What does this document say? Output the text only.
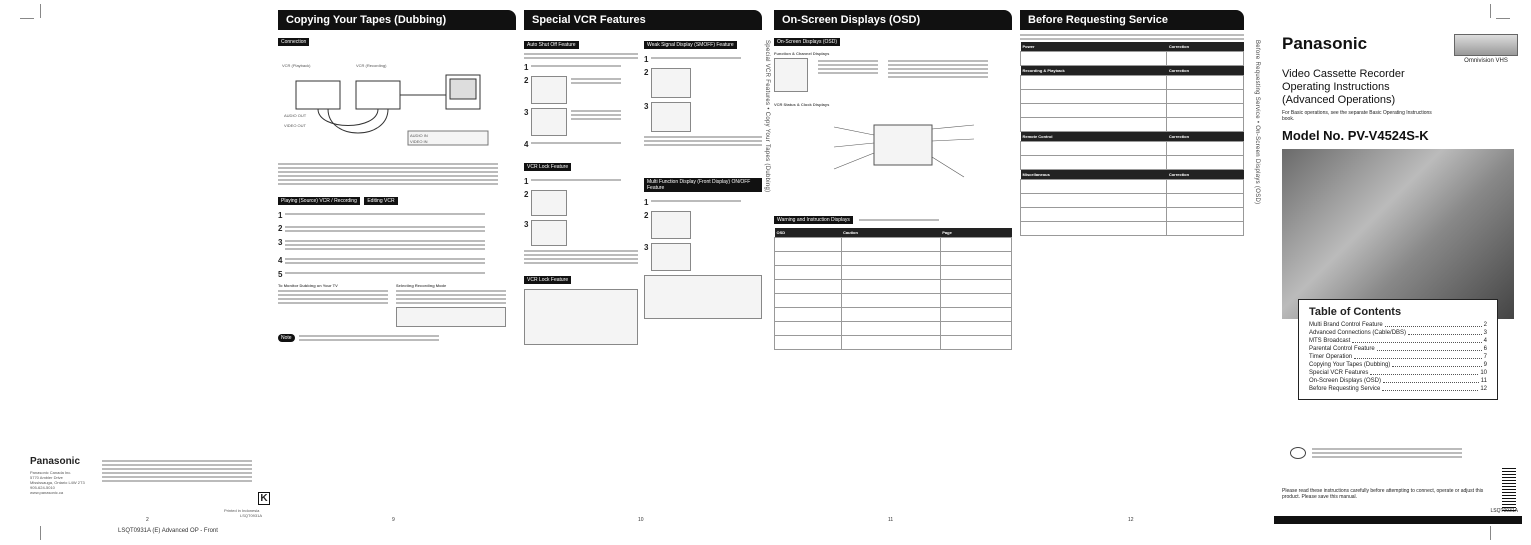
Panasonic
Panasonic Canada Inc.
5770 Ambler Drive
Mississauga, Ontario L4W 2T3
905-624-5010
www.panasonic.ca
K
Printed in Indonesia
LSQT0931A
2
LSQT0931A (E) Advanced OP - Front
Copying Your Tapes (Dubbing)
Connection
VCR (Playback)	VCR (Recording)
AUDIO OUT
VIDEO OUT
AUDIO IN
VIDEO IN
Playing (Source) VCR / Recording Editing VCR
1
2
3
4
5
To Monitor Dubbing on Your TV	Selecting Recording Mode
Note
9
Special VCR Features
Auto Shut Off Feature
1
2
3
4
VCR Lock Feature
1
2
3
VCR Lock Feature
Weak Signal Display (SMOFF) Feature
1
2
3
Multi Function Display (Front Display) ON/OFF Feature
1
2
3
10
Special VCR Features • Copy Your Tapes (Dubbing)
On-Screen Displays (OSD)
On-Screen Displays (OSD)
Function & Channel Displays
VCR Status & Clock Displays
Warning and Instruction Displays
OSD	Caution	Page

11
Before Requesting Service
Power	Correction

Recording & Playback	Correction

Remote Control	Correction

Miscellaneous	Correction

12
Before Requesting Service • On-Screen Displays (OSD) Panasonic
Omnivision VHS
Video Cassette Recorder
Operating Instructions
(Advanced Operations)
For Basic operations, see the separate Basic Operating Instructions book.
Model No. PV-V4524S-K
Table of Contents
Multi Brand Control Feature	2
Advanced Connections (Cable/DBS)	3
MTS Broadcast	4
Parental Control Feature	6
Timer Operation	7
Copying Your Tapes (Dubbing)	9
Special VCR Features	10
On-Screen Displays (OSD)	11
Before Requesting Service	12
Please read these instructions carefully before attempting to connect, operate or adjust this product. Please save this manual.
LSQT0931A
